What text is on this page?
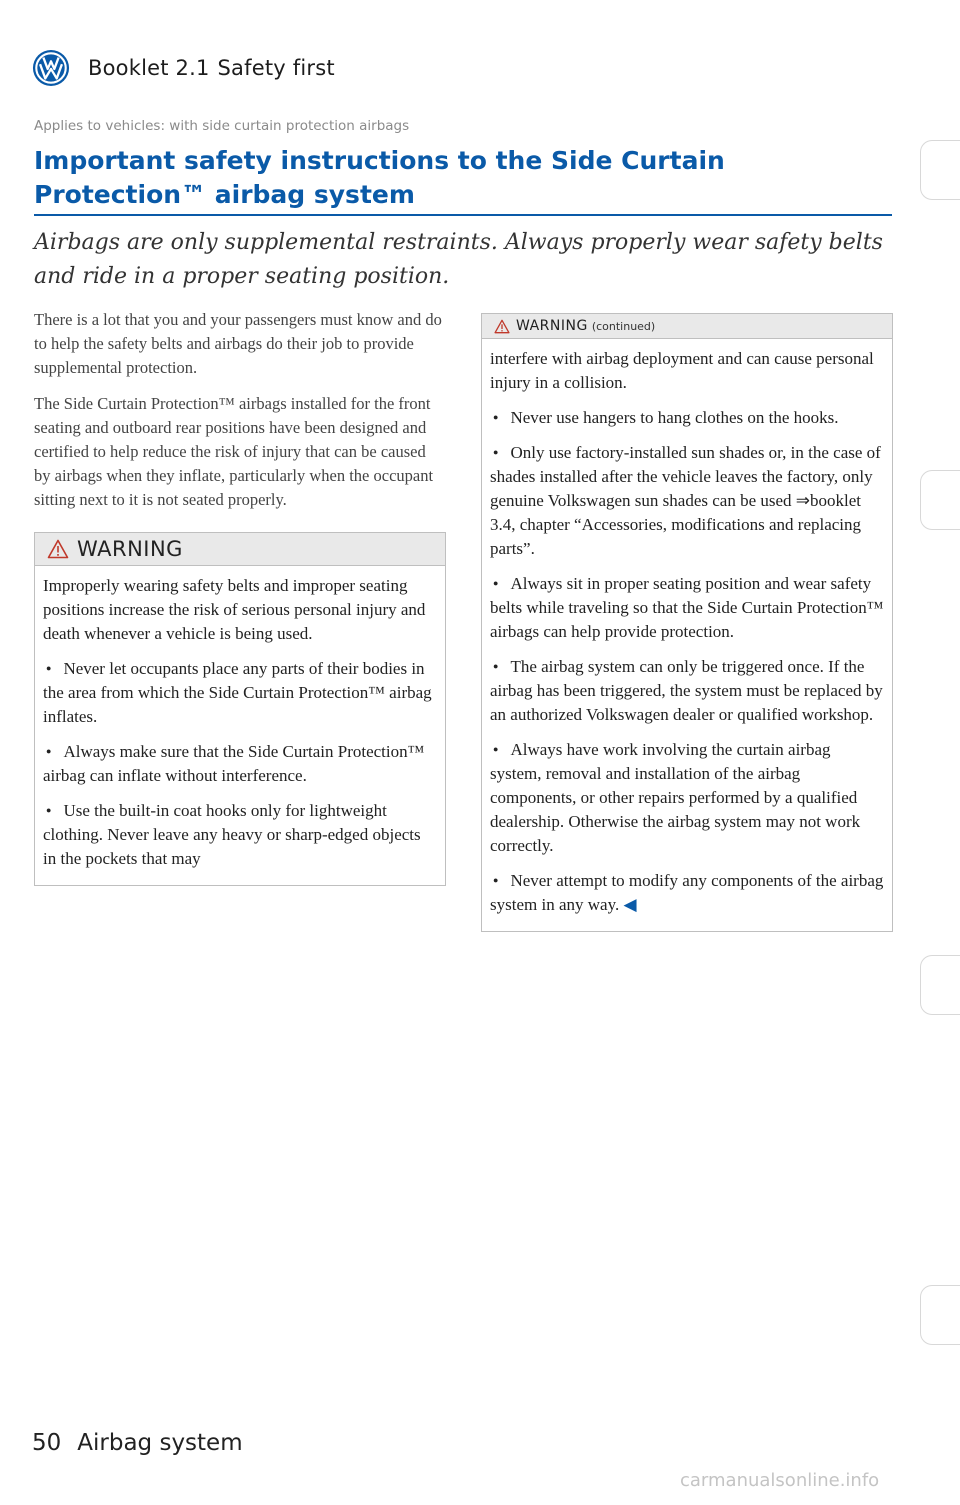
Booklet 2.1 Safety first
Applies to vehicles: with side curtain protection airbags
Important safety instructions to the Side Curtain Protection™ airbag system

Airbags are only supplemental restraints. Always properly wear safety belts and ride in a proper seating position.

There is a lot that you and your passengers must know and do to help the safety belts and airbags do their job to provide supplemental protection.

The Side Curtain Protection™ airbags installed for the front seating and outboard rear positions have been designed and certified to help reduce the risk of injury that can be caused by airbags when they inflate, particularly when the occupant sitting next to it is not seated properly.

WARNING

Improperly wearing safety belts and improper seating positions increase the risk of serious personal injury and death whenever a vehicle is being used.

● Never let occupants place any parts of their bodies in the area from which the Side Curtain Protection™ airbag inflates.

● Always make sure that the Side Curtain Protection™ airbag can inflate without interference.

● Use the built-in coat hooks only for lightweight clothing. Never leave any heavy or sharp-edged objects in the pockets that may

WARNING (continued)

interfere with airbag deployment and can cause personal injury in a collision.

● Never use hangers to hang clothes on the hooks.

● Only use factory-installed sun shades or, in the case of shades installed after the vehicle leaves the factory, only genuine Volkswagen sun shades can be used ⇒booklet 3.4, chapter “Accessories, modifications and replacing parts”.

● Always sit in proper seating position and wear safety belts while traveling so that the Side Curtain Protection™ airbags can help provide protection.

● The airbag system can only be triggered once. If the airbag has been triggered, the system must be replaced by an authorized Volkswagen dealer or qualified workshop.

● Always have work involving the curtain airbag system, removal and installation of the airbag components, or other repairs performed by a qualified dealership. Otherwise the airbag system may not work correctly.

● Never attempt to modify any components of the airbag system in any way. ◀

50 Airbag system
carmanualsonline.info
